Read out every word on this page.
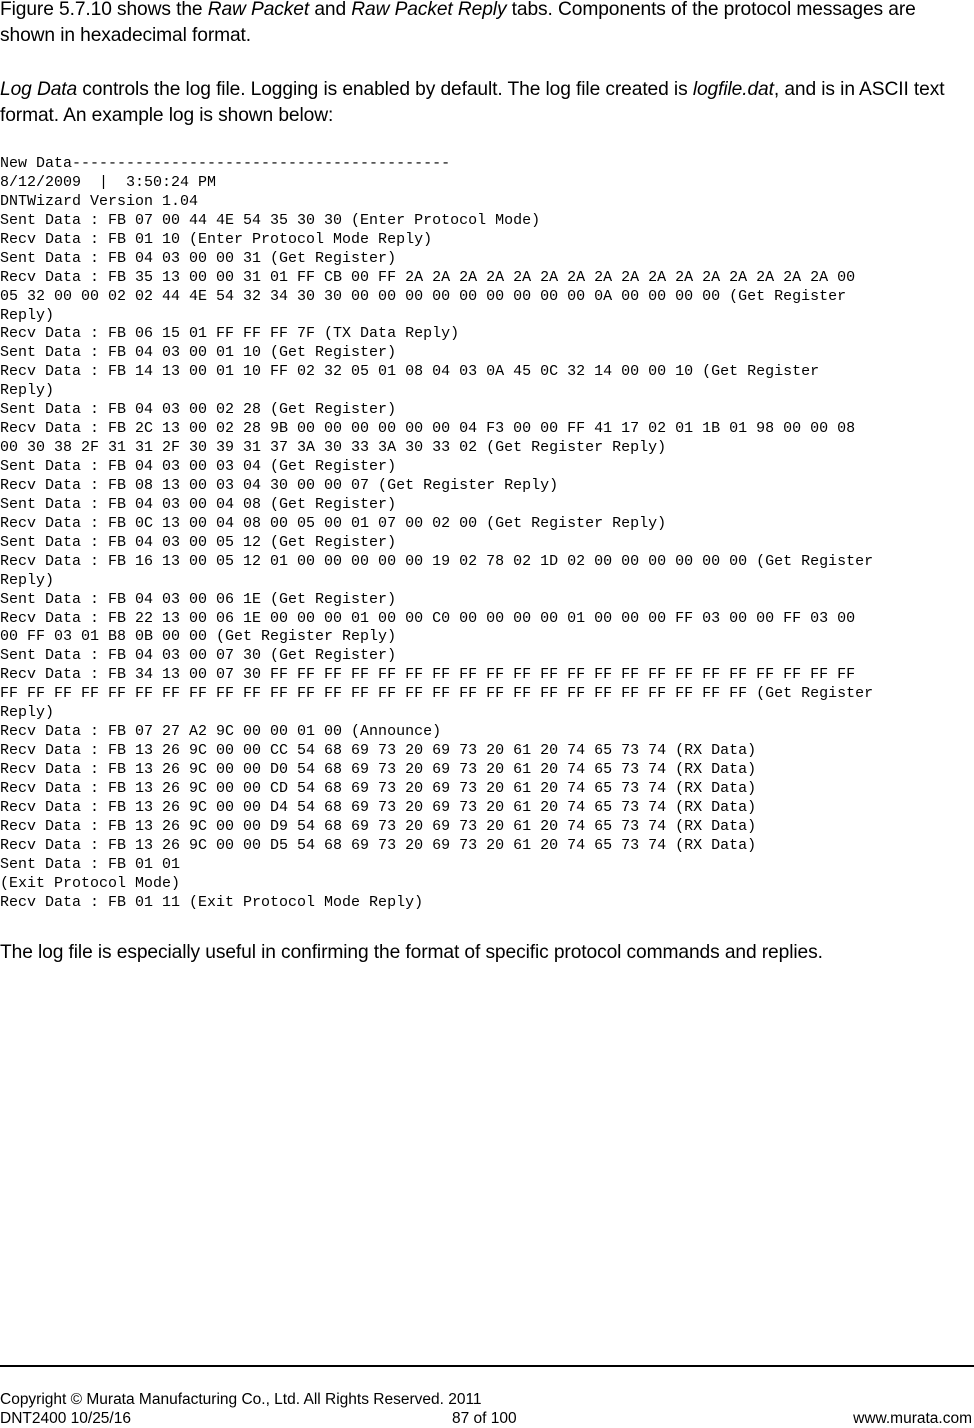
Figure 5.7.10 shows the Raw Packet and Raw Packet Reply tabs. Components of the protocol messages are shown in hexadecimal format.

Log Data controls the log file. Logging is enabled by default. The log file created is logfile.dat, and is in ASCII text format. An example log is shown below:

New Data------------------------------------------
8/12/2009  |  3:50:24 PM
DNTWizard Version 1.04
Sent Data : FB 07 00 44 4E 54 35 30 30 (Enter Protocol Mode)
Recv Data : FB 01 10 (Enter Protocol Mode Reply)
Sent Data : FB 04 03 00 00 31 (Get Register)
Recv Data : FB 35 13 00 00 31 01 FF CB 00 FF 2A 2A 2A 2A 2A 2A 2A 2A 2A 2A 2A 2A 2A 2A 2A 2A 00
05 32 00 00 02 02 44 4E 54 32 34 30 30 00 00 00 00 00 00 00 00 00 0A 00 00 00 00 (Get Register
Reply)
Recv Data : FB 06 15 01 FF FF FF 7F (TX Data Reply)
Sent Data : FB 04 03 00 01 10 (Get Register)
Recv Data : FB 14 13 00 01 10 FF 02 32 05 01 08 04 03 0A 45 0C 32 14 00 00 10 (Get Register
Reply)
Sent Data : FB 04 03 00 02 28 (Get Register)
Recv Data : FB 2C 13 00 02 28 9B 00 00 00 00 00 00 04 F3 00 00 FF 41 17 02 01 1B 01 98 00 00 08
00 30 38 2F 31 31 2F 30 39 31 37 3A 30 33 3A 30 33 02 (Get Register Reply)
Sent Data : FB 04 03 00 03 04 (Get Register)
Recv Data : FB 08 13 00 03 04 30 00 00 07 (Get Register Reply)
Sent Data : FB 04 03 00 04 08 (Get Register)
Recv Data : FB 0C 13 00 04 08 00 05 00 01 07 00 02 00 (Get Register Reply)
Sent Data : FB 04 03 00 05 12 (Get Register)
Recv Data : FB 16 13 00 05 12 01 00 00 00 00 00 19 02 78 02 1D 02 00 00 00 00 00 00 (Get Register
Reply)
Sent Data : FB 04 03 00 06 1E (Get Register)
Recv Data : FB 22 13 00 06 1E 00 00 00 01 00 00 C0 00 00 00 00 01 00 00 00 FF 03 00 00 FF 03 00
00 FF 03 01 B8 0B 00 00 (Get Register Reply)
Sent Data : FB 04 03 00 07 30 (Get Register)
Recv Data : FB 34 13 00 07 30 FF FF FF FF FF FF FF FF FF FF FF FF FF FF FF FF FF FF FF FF FF FF
FF FF FF FF FF FF FF FF FF FF FF FF FF FF FF FF FF FF FF FF FF FF FF FF FF FF FF FF (Get Register
Reply)
Recv Data : FB 07 27 A2 9C 00 00 01 00 (Announce)
Recv Data : FB 13 26 9C 00 00 CC 54 68 69 73 20 69 73 20 61 20 74 65 73 74 (RX Data)
Recv Data : FB 13 26 9C 00 00 D0 54 68 69 73 20 69 73 20 61 20 74 65 73 74 (RX Data)
Recv Data : FB 13 26 9C 00 00 CD 54 68 69 73 20 69 73 20 61 20 74 65 73 74 (RX Data)
Recv Data : FB 13 26 9C 00 00 D4 54 68 69 73 20 69 73 20 61 20 74 65 73 74 (RX Data)
Recv Data : FB 13 26 9C 00 00 D9 54 68 69 73 20 69 73 20 61 20 74 65 73 74 (RX Data)
Recv Data : FB 13 26 9C 00 00 D5 54 68 69 73 20 69 73 20 61 20 74 65 73 74 (RX Data)
Sent Data : FB 01 01
(Exit Protocol Mode)
Recv Data : FB 01 11 (Exit Protocol Mode Reply)

The log file is especially useful in confirming the format of specific protocol commands and replies.

Copyright © Murata Manufacturing Co., Ltd. All Rights Reserved. 2011

DNT2400 10/25/16	87 of 100	www.murata.com
